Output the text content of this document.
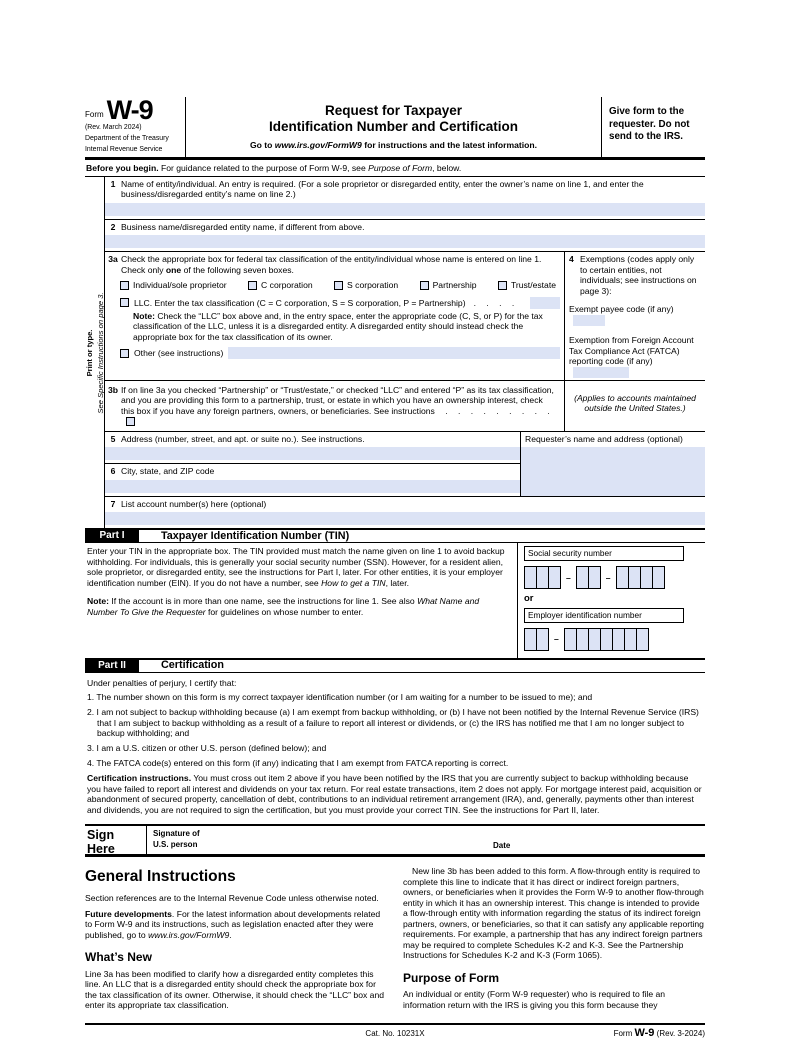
Form W-9
(Rev. March 2024)
Department of the Treasury
Internal Revenue Service
Request for Taxpayer
Identification Number and Certification
Go to www.irs.gov/FormW9 for instructions and the latest information.
Give form to the requester. Do not send to the IRS.
Before you begin. For guidance related to the purpose of Form W-9, see Purpose of Form, below.
Print or type. See Specific Instructions on page 3.
1 Name of entity/individual. An entry is required. (For a sole proprietor or disregarded entity, enter the owner’s name on line 1, and enter the business/disregarded entity’s name on line 2.)
2 Business name/disregarded entity name, if different from above.
3a Check the appropriate box for federal tax classification of the entity/individual whose name is entered on line 1. Check only one of the following seven boxes.
Individual/sole proprietor	C corporation	S corporation	Partnership	Trust/estate
LLC. Enter the tax classification (C = C corporation, S = S corporation, P = Partnership) . . . .
Note: Check the “LLC” box above and, in the entry space, enter the appropriate code (C, S, or P) for the tax classification of the LLC, unless it is a disregarded entity. A disregarded entity should instead check the appropriate box for the tax classification of its owner.
Other (see instructions)
4 Exemptions (codes apply only to certain entities, not individuals; see instructions on page 3):
Exempt payee code (if any)
Exemption from Foreign Account Tax Compliance Act (FATCA) reporting code (if any)
3b If on line 3a you checked “Partnership” or “Trust/estate,” or checked “LLC” and entered “P” as its tax classification, and you are providing this form to a partnership, trust, or estate in which you have an ownership interest, check this box if you have any foreign partners, owners, or beneficiaries. See instructions . . . . . . . . .
(Applies to accounts maintained outside the United States.)
5 Address (number, street, and apt. or suite no.). See instructions.
6 City, state, and ZIP code
Requester’s name and address (optional)
7 List account number(s) here (optional)
Part I	Taxpayer Identification Number (TIN)

Enter your TIN in the appropriate box. The TIN provided must match the name given on line 1 to avoid backup withholding. For individuals, this is generally your social security number (SSN). However, for a resident alien, sole proprietor, or disregarded entity, see the instructions for Part I, later. For other entities, it is your employer identification number (EIN). If you do not have a number, see How to get a TIN, later.

Note: If the account is in more than one name, see the instructions for line 1. See also What Name and Number To Give the Requester for guidelines on whose number to enter.

Social security number
–	–
or
Employer identification number
–
Part II	Certification

Under penalties of perjury, I certify that:

1. The number shown on this form is my correct taxpayer identification number (or I am waiting for a number to be issued to me); and

2. I am not subject to backup withholding because (a) I am exempt from backup withholding, or (b) I have not been notified by the Internal Revenue Service (IRS) that I am subject to backup withholding as a result of a failure to report all interest or dividends, or (c) the IRS has notified me that I am no longer subject to backup withholding; and

3. I am a U.S. citizen or other U.S. person (defined below); and

4. The FATCA code(s) entered on this form (if any) indicating that I am exempt from FATCA reporting is correct.

Certification instructions. You must cross out item 2 above if you have been notified by the IRS that you are currently subject to backup withholding because you have failed to report all interest and dividends on your tax return. For real estate transactions, item 2 does not apply. For mortgage interest paid, acquisition or abandonment of secured property, cancellation of debt, contributions to an individual retirement arrangement (IRA), and, generally, payments other than interest and dividends, you are not required to sign the certification, but you must provide your correct TIN. See the instructions for Part II, later.

Sign
Here
Signature of
U.S. person	Date
General Instructions

Section references are to the Internal Revenue Code unless otherwise noted.

Future developments. For the latest information about developments related to Form W-9 and its instructions, such as legislation enacted after they were published, go to www.irs.gov/FormW9.

What’s New

Line 3a has been modified to clarify how a disregarded entity completes this line. An LLC that is a disregarded entity should check the appropriate box for the tax classification of its owner. Otherwise, it should check the “LLC” box and enter its appropriate tax classification.

New line 3b has been added to this form. A flow-through entity is required to complete this line to indicate that it has direct or indirect foreign partners, owners, or beneficiaries when it provides the Form W-9 to another flow-through entity in which it has an ownership interest. This change is intended to provide a flow-through entity with information regarding the status of its indirect foreign partners, owners, or beneficiaries, so that it can satisfy any applicable reporting requirements. For example, a partnership that has any indirect foreign partners may be required to complete Schedules K-2 and K-3. See the Partnership Instructions for Schedules K-2 and K-3 (Form 1065).

Purpose of Form

An individual or entity (Form W-9 requester) who is required to file an information return with the IRS is giving you this form because they

Cat. No. 10231X	Form W-9 (Rev. 3-2024)
